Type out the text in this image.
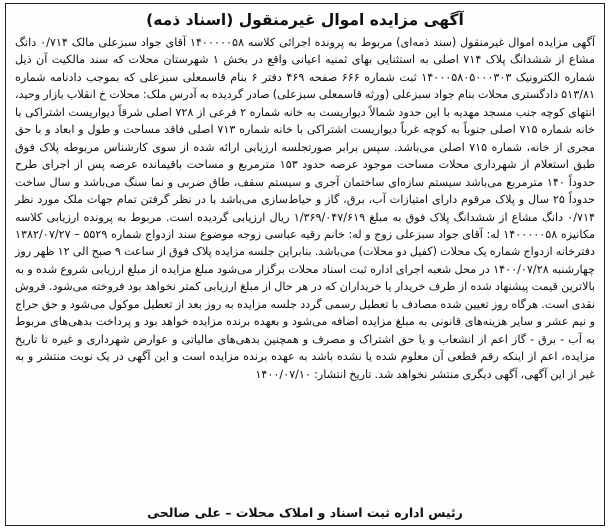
آگهی مزایده اموال غیرمنقول (اسناد ذمه)

آگهی مزایده اموال غیرمنقول (سند ذمه‌ای) مربوط به پرونده اجرائی کلاسه ۱۴۰۰۰۰۰۵۸ آقای جواد سبزعلی مالک ۰/۷۱۴ دانگ مشاع از ششدانگ پلاک ۷۱۴ اصلی به استثنایی بهای ثمنیه اعیانی واقع در بخش ۱ شهرستان محلات که سند مالکیت آن ذیل شماره الکترونیک ۱۴۰۰۰۵۸۰۵۰۰۰۳۰۳ ثبت شماره ۶۶۶ صفحه ۴۶۹ دفتر ۶ بنام قاسمعلی سبزعلی که بموجب دادنامه شماره ۵۱۳/۸۱ دادگستری محلات بنام جواد سبزعلی (ورثه قاسمعلی سبزعلی) صادر گردیده به آدرس ملک: محلات خ انقلاب بازار وحید، انتهای کوچه جنب مسجد مهدیه با این حدود شمالاً دیواریست به خانه شماره ۲ فرعی از ۷۲۸ اصلی شرقاً دیواریست اشتراکی با خانه شماره ۷۱۵ اصلی جنوباً به کوچه غرباً دیواریست اشتراکی با خانه شماره ۷۱۳ اصلی فاقد مساحت و طول و ابعاد و با حق مجری از خانه، شماره ۷۱۵ اصلی می‌باشد. سپس برابر صورتجلسه ارزیابی ارائه شده از سوی کارشناس مربوطه پلاک فوق طبق استعلام از شهرداری محلات مساحت موجود عرصه حدود ۱۵۳ مترمربع و مساحت باقیمانده عرصه پس از اجرای طرح حدوداً ۱۴۰ مترمربع می‌باشد سیستم سازه‌ای ساختمان آجری و سیستم سقف، طاق ضربی و نما سنگ می‌باشد و سال ساخت حدوداً ۲۵ سال و پلاک مرقوم دارای امتیازات آب، برق، گاز و حیاط‌سازی می‌باشد با در نظر گرفتن تمام جهات ملک مورد نظر ۰/۷۱۴ دانگ مشاع از ششدانگ پلاک فوق به مبلغ ۱/۳۶۹/۰۴۷/۶۱۹ ریال ارزیابی گردیده است. مربوط به پرونده ارزیابی کلاسه مکانیزه ۱۴۰۰۰۰۰۵۸ له: آقای جواد سبزعلی زوج و له: خانم رقیه عباسی زوجه موضوع سند ازدواج شماره ۵۵۲۹ – ۱۳۸۲/۰۷/۲۷ دفترخانه ازدواج شماره یک محلات (کفیل دو محلات) می‌باشد. بنابراین جلسه مزایده پلاک فوق از ساعت ۹ صبح الی ۱۲ ظهر روز چهارشنبه ۱۴۰۰/۰۷/۲۸ در محل شعبه اجرای اداره ثبت اسناد محلات برگزار می‌شود مبلغ مزایده از مبلغ ارزیابی شروع شده و به بالاترین قیمت پیشنهاد شده از طرف خریدار یا خریداران که در هر حال از مبلغ ارزیابی کمتر نخواهد بود فروخته می‌شود. فروش نقدی است. هرگاه روز تعیین شده مصادف با تعطیل رسمی گردد جلسه مزایده به روز بعد از تعطیل موکول می‌شود و حق حراج و نیم عشر و سایر هزینه‌های قانونی به مبلغ مزایده اضافه می‌شود و بعهده برنده مزایده خواهد بود و پرداخت بدهی‌های مربوط به آب - برق - گاز اعم از انشعاب و یا حق اشتراک و مصرف و همچنین بدهی‌های مالیاتی و عوارض شهرداری و غیره تا تاریخ مزایده، اعم از اینکه رقم قطعی آن معلوم شده یا نشده باشد به عهده برنده مزایده است و این آگهی در یک نوبت منتشر و به غیر از این آگهی، آگهی دیگری منتشر نخواهد شد. تاریخ انتشار: ۱۴۰۰/۰۷/۱۰

رئیس اداره ثبت اسناد و املاک محلات – علی صالحی
